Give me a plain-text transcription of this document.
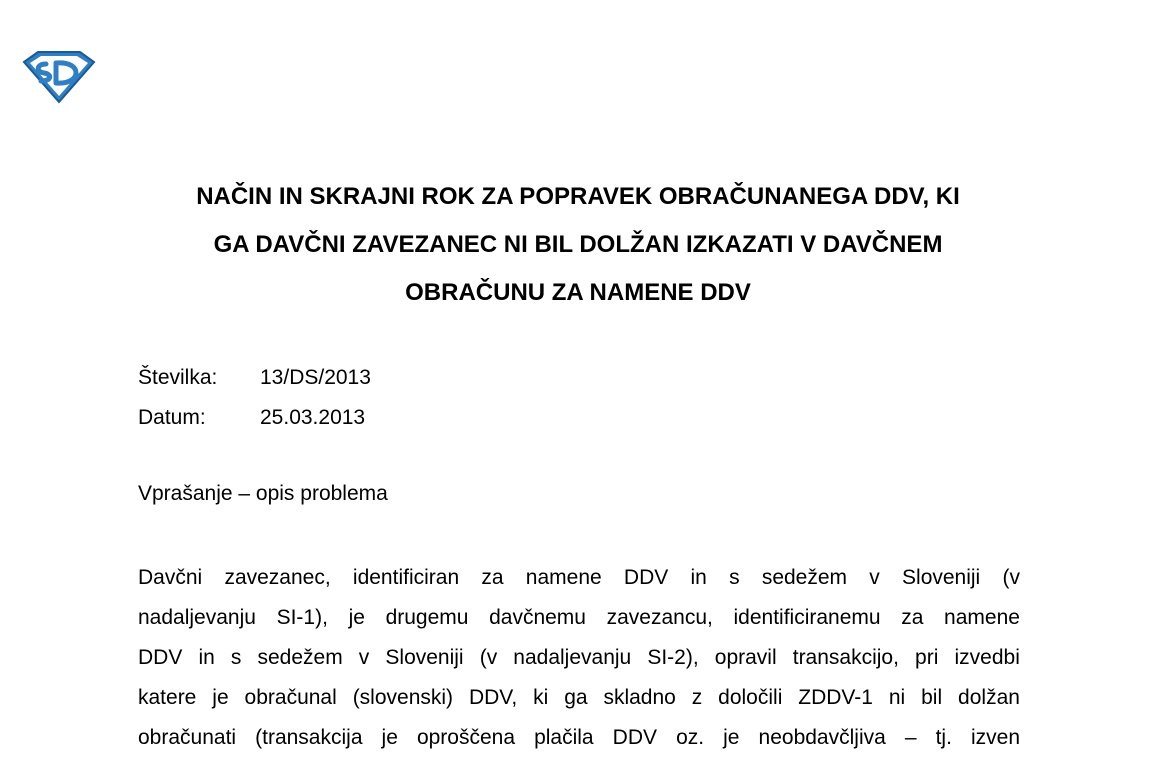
NAČIN IN SKRAJNI ROK ZA POPRAVEK OBRAČUNANEGA DDV, KI
GA DAVČNI ZAVEZANEC NI BIL DOLŽAN IZKAZATI V DAVČNEM
OBRAČUNU ZA NAMENE DDV
Številka:	13/DS/2013
Datum:	25.03.2013
Vprašanje – opis problema
Davčni zavezanec, identificiran za namene DDV in s sedežem v Sloveniji (v
nadaljevanju SI-1), je drugemu davčnemu zavezancu, identificiranemu za namene
DDV in s sedežem v Sloveniji (v nadaljevanju SI-2), opravil transakcijo, pri izvedbi
katere je obračunal (slovenski) DDV, ki ga skladno z določili ZDDV-1 ni bil dolžan
obračunati (transakcija je oproščena plačila DDV oz. je neobdavčljiva – tj. izven
